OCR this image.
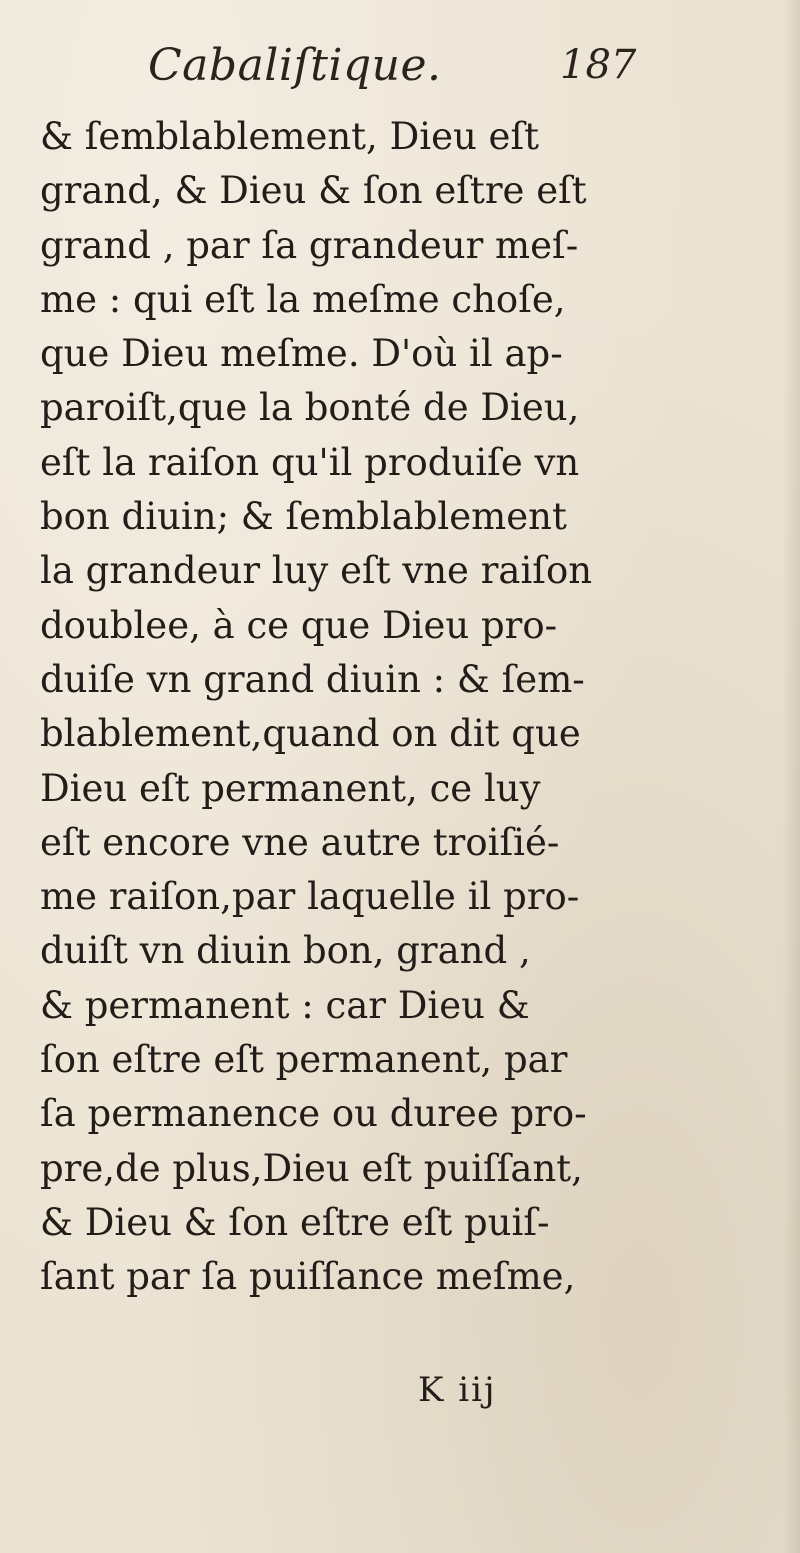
Cabaliſtique.	187
& ſemblablement, Dieu eſt
grand, & Dieu & ſon eſtre eſt
grand , par ſa grandeur meſ-
me : qui eſt la meſme choſe,
que Dieu meſme. D'où il ap-
paroiſt,que la bonté de Dieu,
eſt la raiſon qu'il produiſe vn
bon diuin; & ſemblablement
la grandeur luy eſt vne raiſon
doublee, à ce que Dieu pro-
duiſe vn grand diuin : & ſem-
blablement,quand on dit que
Dieu eſt permanent, ce luy
eſt encore vne autre troiſié-
me raiſon,par laquelle il pro-
duiſt vn diuin bon, grand ,
& permanent : car Dieu &
ſon eſtre eſt permanent, par
ſa permanence ou duree pro-
pre,de plus,Dieu eſt puiſſant,
& Dieu & ſon eſtre eſt puiſ-
ſant par ſa puiſſance meſme,
K iij
